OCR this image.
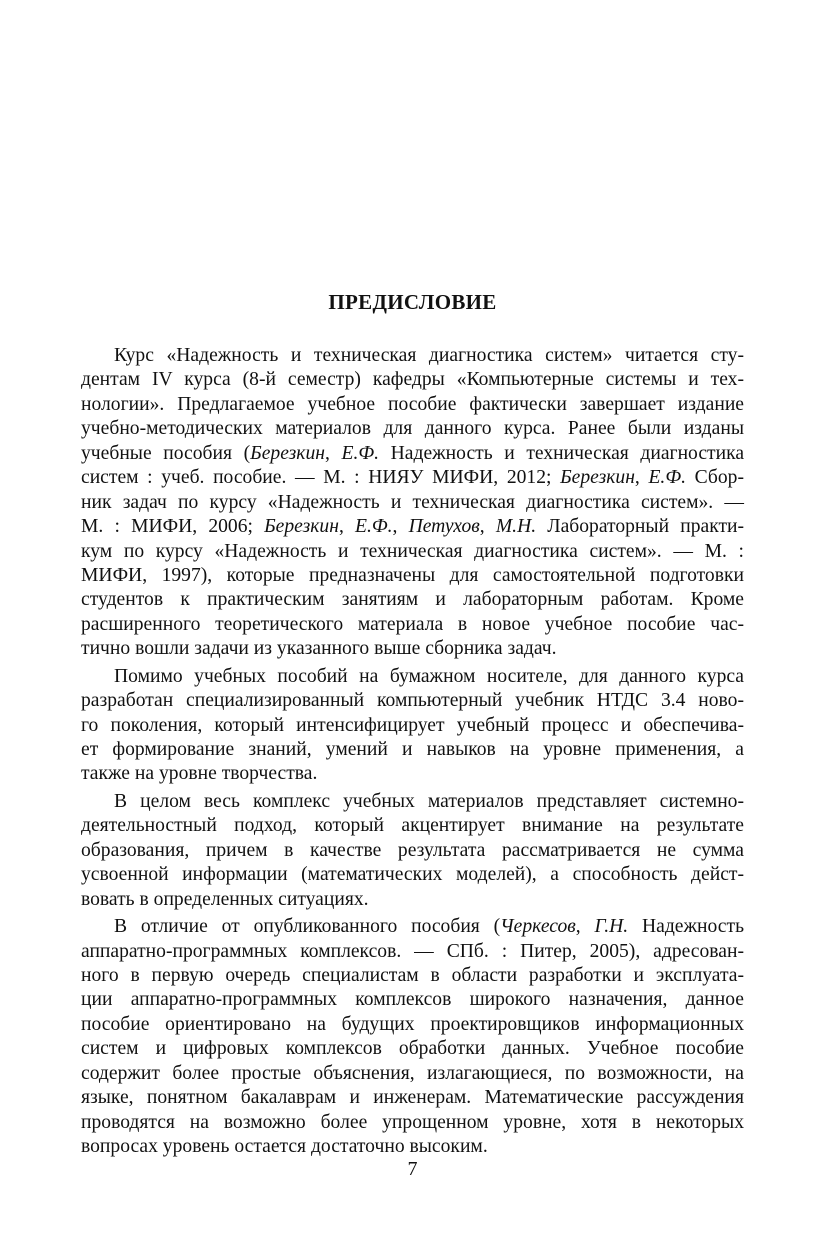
ПРЕДИСЛОВИЕ
Курс «Надежность и техническая диагностика систем» читается сту-
дентам IV курса (8-й семестр) кафедры «Компьютерные системы и тех-
нологии». Предлагаемое учебное пособие фактически завершает издание
учебно-методических материалов для данного курса. Ранее были изданы
учебные пособия (Березкин, Е.Ф. Надежность и техническая диагностика
систем : учеб. пособие. — М. : НИЯУ МИФИ, 2012; Березкин, Е.Ф. Сбор-
ник задач по курсу «Надежность и техническая диагностика систем». —
М. : МИФИ, 2006; Березкин, Е.Ф., Петухов, М.Н. Лабораторный практи-
кум по курсу «Надежность и техническая диагностика систем». — М. :
МИФИ, 1997), которые предназначены для самостоятельной подготовки
студентов к практическим занятиям и лабораторным работам. Кроме
расширенного теоретического материала в новое учебное пособие час-
тично вошли задачи из указанного выше сборника задач.
Помимо учебных пособий на бумажном носителе, для данного курса
разработан специализированный компьютерный учебник НТДС 3.4 ново-
го поколения, который интенсифицирует учебный процесс и обеспечива-
ет формирование знаний, умений и навыков на уровне применения, а
также на уровне творчества.
В целом весь комплекс учебных материалов представляет системно-
деятельностный подход, который акцентирует внимание на результате
образования, причем в качестве результата рассматривается не сумма
усвоенной информации (математических моделей), а способность дейст-
вовать в определенных ситуациях.
В отличие от опубликованного пособия (Черкесов, Г.Н. Надежность
аппаратно-программных комплексов. — СПб. : Питер, 2005), адресован-
ного в первую очередь специалистам в области разработки и эксплуата-
ции аппаратно-программных комплексов широкого назначения, данное
пособие ориентировано на будущих проектировщиков информационных
систем и цифровых комплексов обработки данных. Учебное пособие
содержит более простые объяснения, излагающиеся, по возможности, на
языке, понятном бакалаврам и инженерам. Математические рассуждения
проводятся на возможно более упрощенном уровне, хотя в некоторых
вопросах уровень остается достаточно высоким.
7
